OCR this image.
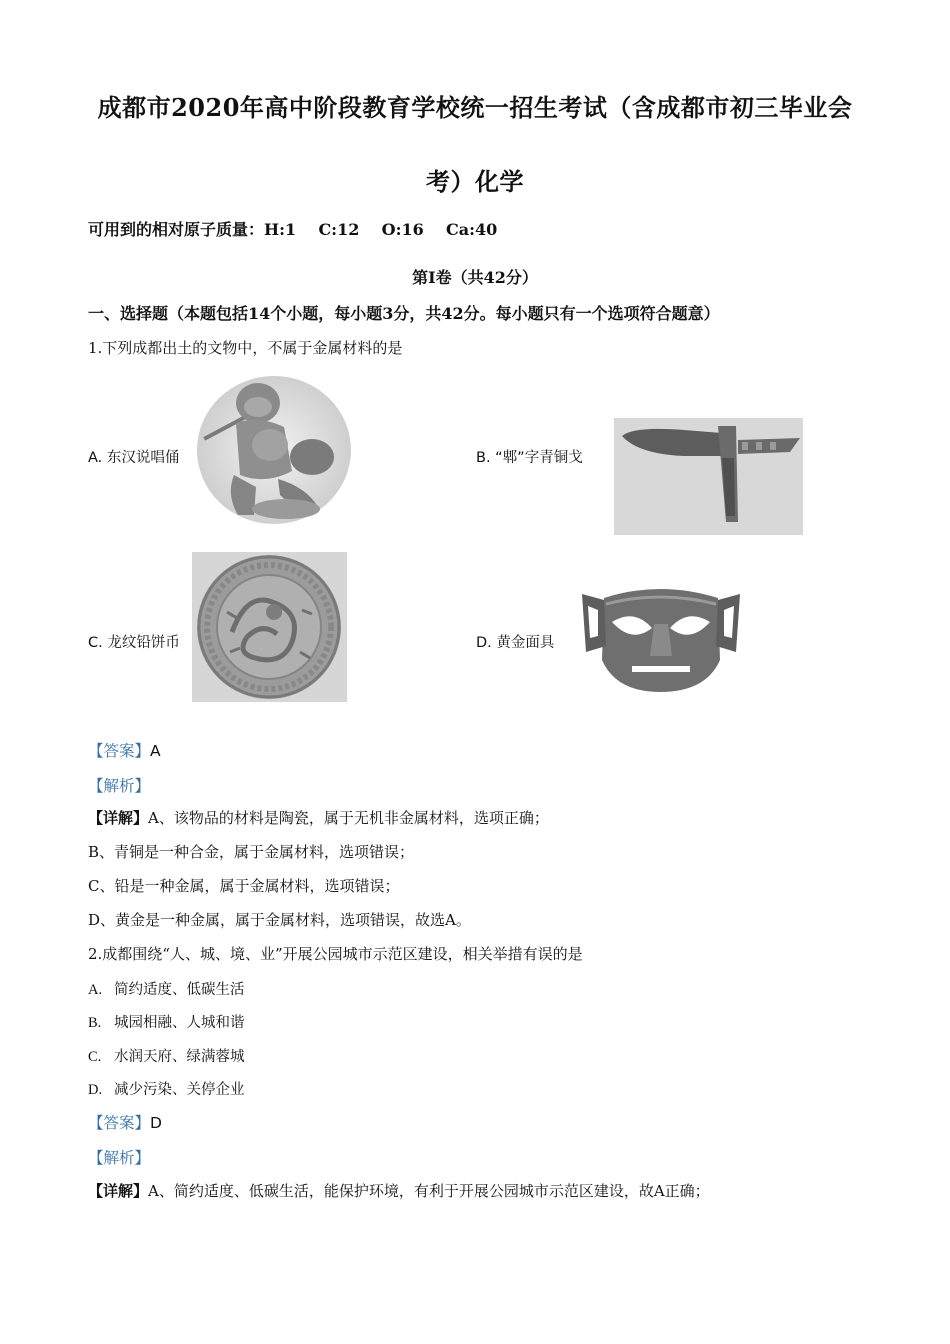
成都市2020年高中阶段教育学校统一招生考试（含成都市初三毕业会
考）化学
可用到的相对原子质量：H:1    C:12    O:16    Ca:40
第Ⅰ卷（共42分）
一、选择题（本题包括14个小题，每小题3分，共42分。每小题只有一个选项符合题意）
1.下列成都出土的文物中，不属于金属材料的是
A. 东汉说唱俑	B. “郫”字青铜戈
C. 龙纹铅饼币	D. 黄金面具
【答案】A
【解析】
【详解】A、该物品的材料是陶瓷，属于无机非金属材料，选项正确；
B、青铜是一种合金，属于金属材料，选项错误；
C、铅是一种金属，属于金属材料，选项错误；
D、黄金是一种金属，属于金属材料，选项错误，故选A。
2.成都围绕“人、城、境、业”开展公园城市示范区建设，相关举措有误的是
A. 简约适度、低碳生活
B. 城园相融、人城和谐
C. 水润天府、绿满蓉城
D. 减少污染、关停企业
【答案】D
【解析】
【详解】A、简约适度、低碳生活，能保护环境，有利于开展公园城市示范区建设，故A正确；
